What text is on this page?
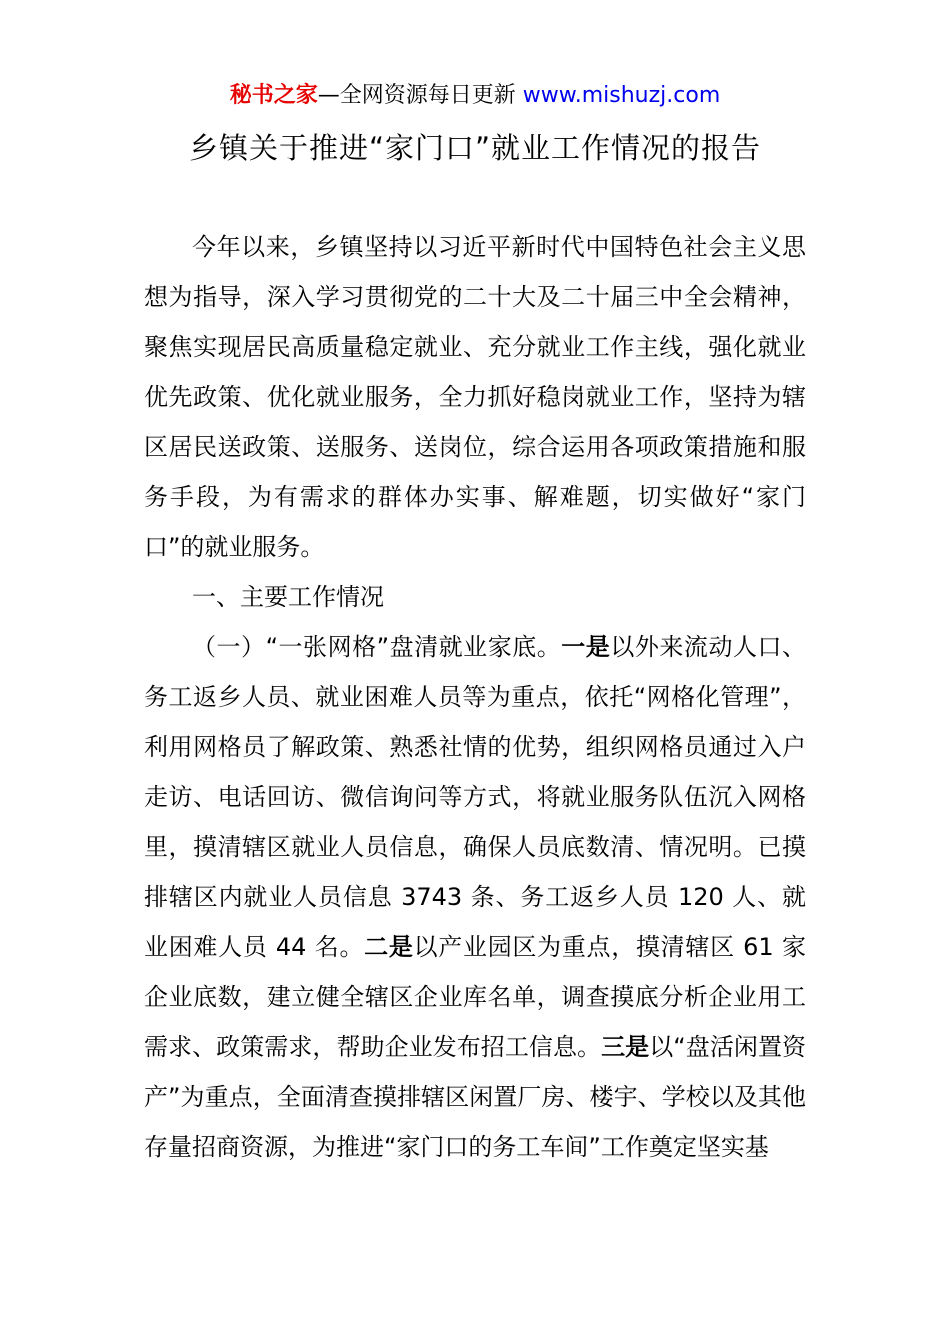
秘书之家—全网资源每日更新 www.mishuzj.com
乡镇关于推进“家门口”就业工作情况的报告

今年以来，乡镇坚持以习近平新时代中国特色社会主义思想为指导，深入学习贯彻党的二十大及二十届三中全会精神，聚焦实现居民高质量稳定就业、充分就业工作主线，强化就业优先政策、优化就业服务，全力抓好稳岗就业工作，坚持为辖区居民送政策、送服务、送岗位，综合运用各项政策措施和服务手段，为有需求的群体办实事、解难题，切实做好“家门口”的就业服务。

一、主要工作情况

（一）“一张网格”盘清就业家底。一是以外来流动人口、务工返乡人员、就业困难人员等为重点，依托“网格化管理”，利用网格员了解政策、熟悉社情的优势，组织网格员通过入户走访、电话回访、微信询问等方式，将就业服务队伍沉入网格里，摸清辖区就业人员信息，确保人员底数清、情况明。已摸排辖区内就业人员信息 3743 条、务工返乡人员 120 人、就业困难人员 44 名。二是以产业园区为重点，摸清辖区 61 家企业底数，建立健全辖区企业库名单，调查摸底分析企业用工需求、政策需求，帮助企业发布招工信息。三是以“盘活闲置资产”为重点，全面清查摸排辖区闲置厂房、楼宇、学校以及其他存量招商资源，为推进“家门口的务工车间”工作奠定坚实基
